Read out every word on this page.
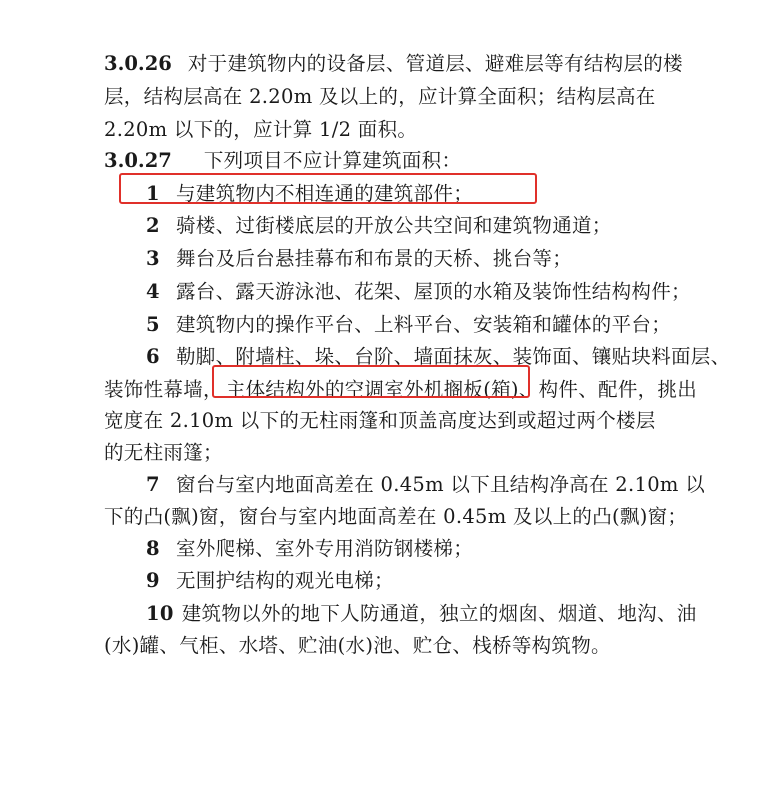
3.0.26 对于建筑物内的设备层、管道层、避难层等有结构层的楼
层，结构层高在 2.20m 及以上的，应计算全面积；结构层高在
2.20m 以下的，应计算 1/2 面积。
3.0.27 下列项目不应计算建筑面积：
1 与建筑物内不相连通的建筑部件；
2 骑楼、过街楼底层的开放公共空间和建筑物通道；
3 舞台及后台悬挂幕布和布景的天桥、挑台等；
4 露台、露天游泳池、花架、屋顶的水箱及装饰性结构构件；
5 建筑物内的操作平台、上料平台、安装箱和罐体的平台；
6 勒脚、附墙柱、垛、台阶、墙面抹灰、装饰面、镶贴块料面层、
装饰性幕墙， 主体结构外的空调室外机搁板(箱)、构件、配件，挑出
宽度在 2.10m 以下的无柱雨篷和顶盖高度达到或超过两个楼层
的无柱雨篷；
7 窗台与室内地面高差在 0.45m 以下且结构净高在 2.10m 以
下的凸(飘)窗，窗台与室内地面高差在 0.45m 及以上的凸(飘)窗；
8 室外爬梯、室外专用消防钢楼梯；
9 无围护结构的观光电梯；
10 建筑物以外的地下人防通道，独立的烟囱、烟道、地沟、油
(水)罐、气柜、水塔、贮油(水)池、贮仓、栈桥等构筑物。
